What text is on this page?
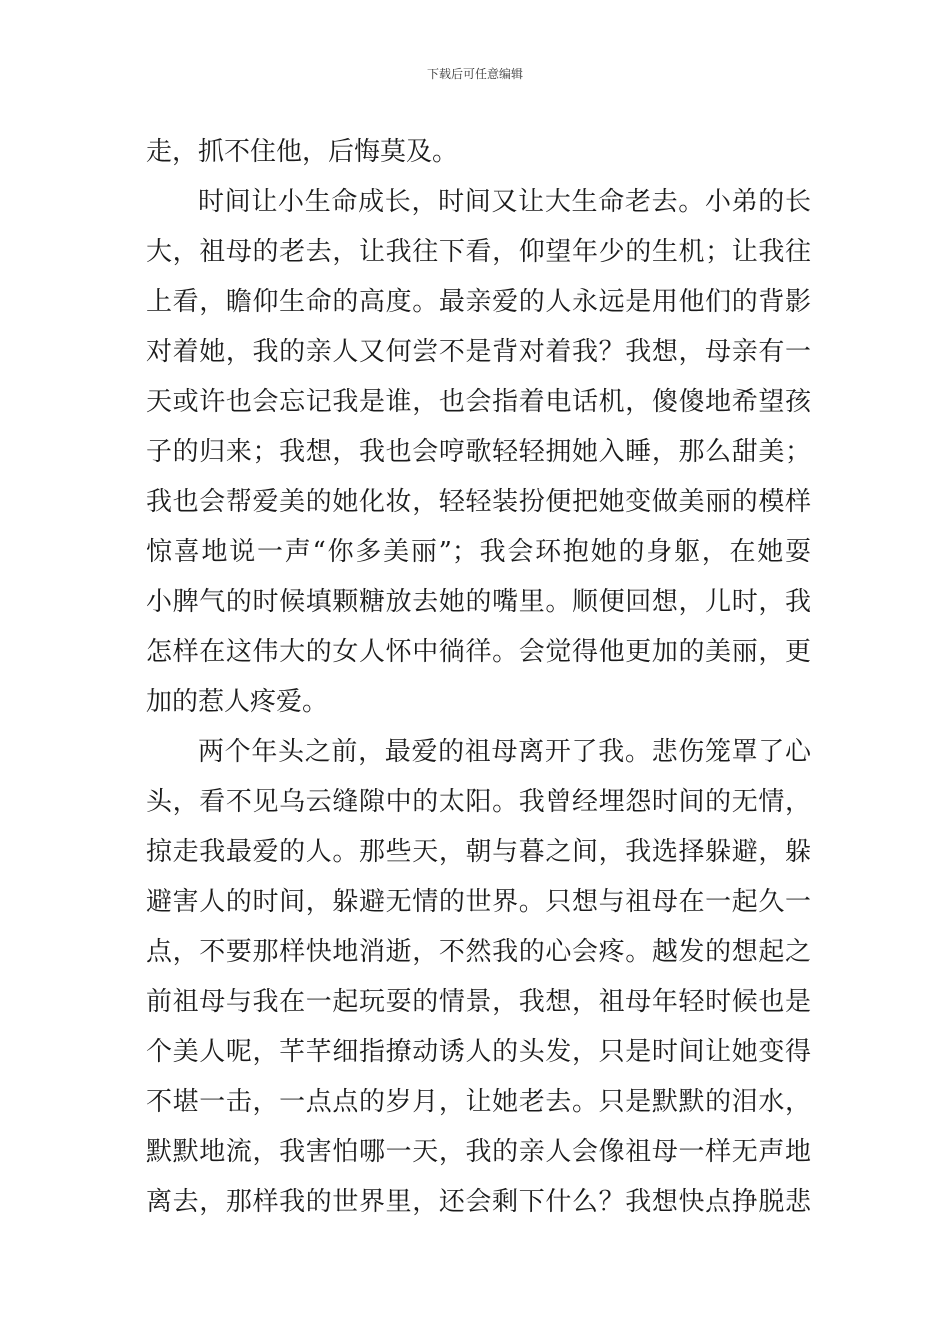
下载后可任意编辑
走，抓不住他，后悔莫及。
时间让小生命成长，时间又让大生命老去。小弟的长
大，祖母的老去，让我往下看，仰望年少的生机；让我往
上看，瞻仰生命的高度。最亲爱的人永远是用他们的背影
对着她，我的亲人又何尝不是背对着我？我想，母亲有一
天或许也会忘记我是谁，也会指着电话机，傻傻地希望孩
子的归来；我想，我也会哼歌轻轻拥她入睡，那么甜美；
我也会帮爱美的她化妆，轻轻装扮便把她变做美丽的模样
惊喜地说一声“你多美丽”；我会环抱她的身躯，在她耍
小脾气的时候填颗糖放去她的嘴里。顺便回想，儿时，我
怎样在这伟大的女人怀中徜徉。会觉得他更加的美丽，更
加的惹人疼爱。
两个年头之前，最爱的祖母离开了我。悲伤笼罩了心
头，看不见乌云缝隙中的太阳。我曾经埋怨时间的无情，
掠走我最爱的人。那些天，朝与暮之间，我选择躲避，躲
避害人的时间，躲避无情的世界。只想与祖母在一起久一
点，不要那样快地消逝，不然我的心会疼。越发的想起之
前祖母与我在一起玩耍的情景，我想，祖母年轻时候也是
个美人呢，芊芊细指撩动诱人的头发，只是时间让她变得
不堪一击，一点点的岁月，让她老去。只是默默的泪水，
默默地流，我害怕哪一天，我的亲人会像祖母一样无声地
离去，那样我的世界里，还会剩下什么？我想快点挣脱悲
